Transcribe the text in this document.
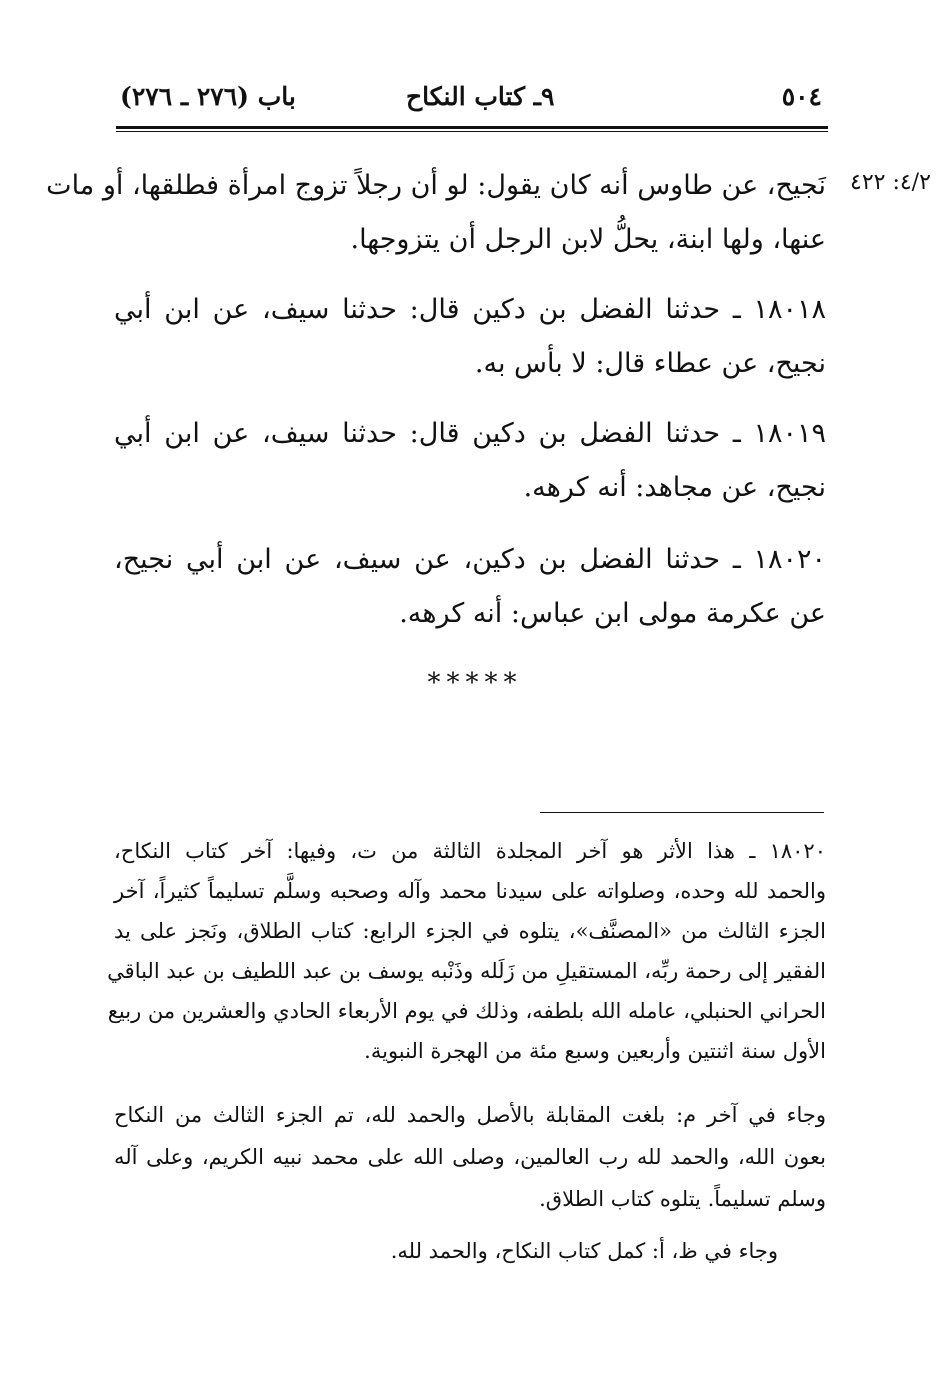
٥٠٤
٩ـ كتاب النكاح
باب (٢٧٦ ـ ٢٧٦)
٤/٢: ٤٢٢
نَجيح، عن طاوس أنه كان يقول: لو أن رجلاً تزوج امرأة فطلقها، أو مات
عنها، ولها ابنة، يحلُّ لابن الرجل أن يتزوجها.
١٨٠١٨ ـ حدثنا الفضل بن دكين قال: حدثنا سيف، عن ابن أبي
نجيح، عن عطاء قال: لا بأس به.
١٨٠١٩ ـ حدثنا الفضل بن دكين قال: حدثنا سيف، عن ابن أبي
نجيح، عن مجاهد: أنه كرهه.
١٨٠٢٠ ـ حدثنا الفضل بن دكين، عن سيف، عن ابن أبي نجيح،
عن عكرمة مولى ابن عباس: أنه كرهه.
*****
١٨٠٢٠ ـ هذا الأثر هو آخر المجلدة الثالثة من ت، وفيها: آخر كتاب النكاح،
والحمد لله وحده، وصلواته على سيدنا محمد وآله وصحبه وسلَّم تسليماً كثيراً، آخر
الجزء الثالث من «المصنَّف»، يتلوه في الجزء الرابع: كتاب الطلاق، ونَجز على يد
الفقير إلى رحمة ربِّه، المستقيلِ من زَلَله وذَنْبه يوسف بن عبد اللطيف بن عبد الباقي
الحراني الحنبلي، عامله الله بلطفه، وذلك في يوم الأربعاء الحادي والعشرين من ربيع
الأول سنة اثنتين وأربعين وسبع مئة من الهجرة النبوية.
وجاء في آخر م: بلغت المقابلة بالأصل والحمد لله، تم الجزء الثالث من النكاح
بعون الله، والحمد لله رب العالمين، وصلى الله على محمد نبيه الكريم، وعلى آله
وسلم تسليماً. يتلوه كتاب الطلاق.
وجاء في ظ، أ: كمل كتاب النكاح، والحمد لله.
